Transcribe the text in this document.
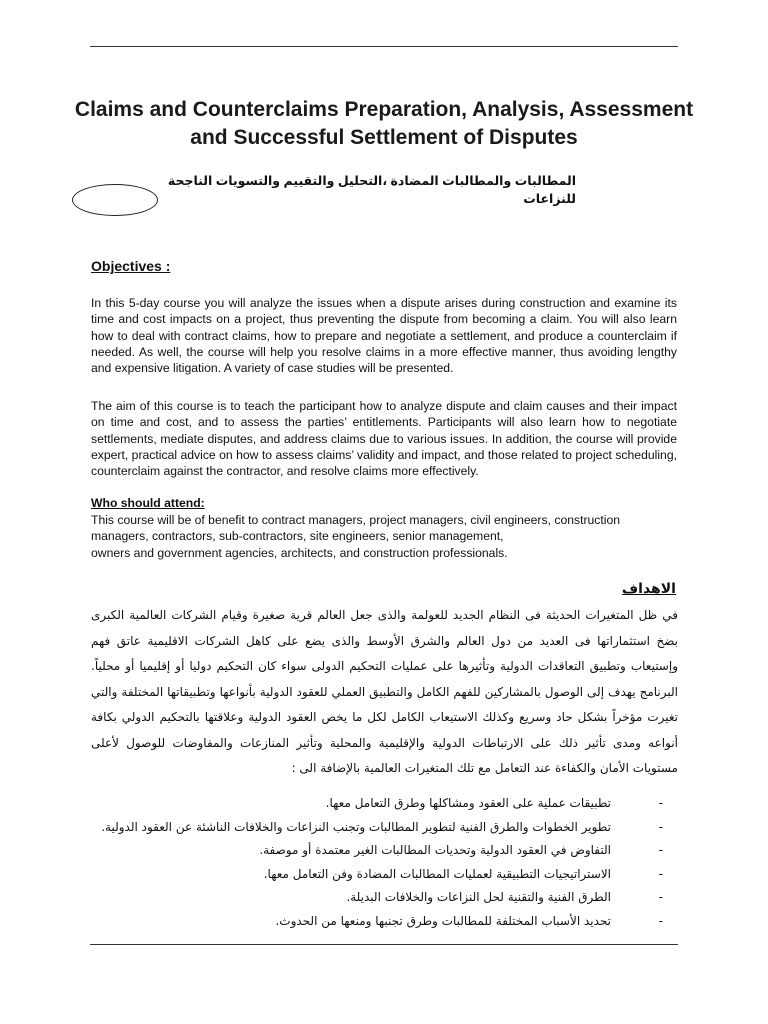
Claims and Counterclaims Preparation, Analysis, Assessment and Successful Settlement of Disputes
المطالبات والمطالبات المضادة ،التحليل والتقييم والتسويات الناجحة للنزاعات
Objectives :
In this 5-day course you will analyze the issues when a dispute arises during construction and examine its time and cost impacts on a project, thus preventing the dispute from becoming a claim. You will also learn how to deal with contract claims, how to prepare and negotiate a settlement, and produce a counterclaim if needed. As well, the course will help you resolve claims in a more effective manner, thus avoiding lengthy and expensive litigation. A variety of case studies will be presented.
The aim of this course is to teach the participant how to analyze dispute and claim causes and their impact on time and cost, and to assess the parties’ entitlements. Participants will also learn how to negotiate settlements, mediate disputes, and address claims due to various issues. In addition, the course will provide expert, practical advice on how to assess claims’ validity and impact, and those related to project scheduling, counterclaim against the contractor, and resolve claims more effectively.
Who should attend:
This course will be of benefit to contract managers, project managers, civil engineers, construction managers, contractors, sub-contractors, site engineers, senior management,
owners and government agencies, architects, and construction professionals.
الاهداف
في ظل المتغيرات الحديثة فى النظام الجديد للعولمة والذى جعل العالم قرية صغيرة وقيام الشركات العالمية الكبرى بضخ استثماراتها فى العديد من دول العالم والشرق الأوسط والذى يضع على كاهل الشركات الاقليمية عاتق فهم وإستيعاب وتطبيق التعاقدات الدولية وتأثيرها على عمليات التحكيم الدولى سواء كان التحكيم دوليا أو إقليميا أو محلياً. البرنامج يهدف إلى الوصول بالمشاركين للفهم الكامل والتطبيق العملي للعقود الدولية بأنواعها وتطبيقاتها المختلفة والتي تغيرت مؤخراً بشكل حاد وسريع وكذلك الاستيعاب الكامل لكل ما يخص العقود الدولية وعلاقتها بالتحكيم الدولي بكافة أنواعه ومدى تأثير ذلك على الارتباطات الدولية والإقليمية والمحلية وتأثير المنازعات والمفاوضات للوصول لأعلى مستويات الأمان والكفاءة عند التعامل مع تلك المتغيرات العالمية بالإضافة الى :
-
تطبيقات عملية على العقود ومشاكلها وطرق التعامل معها.
-
تطوير الخطوات والطرق الفنية لتطوير المطالبات وتجنب النزاعات والخلافات الناشئة عن العقود الدولية.
-
التفاوض في العقود الدولية وتحديات المطالبات الغير معتمدة أو موصفة.
-
الاستراتيجيات التطبيقية لعمليات المطالبات المضادة وفن التعامل معها.
-
الطرق الفنية والتقنية لحل النزاعات والخلافات البديلة.
-
تحديد الأسباب المختلفة للمطالبات وطرق تجنبها ومنعها من الحدوث.
